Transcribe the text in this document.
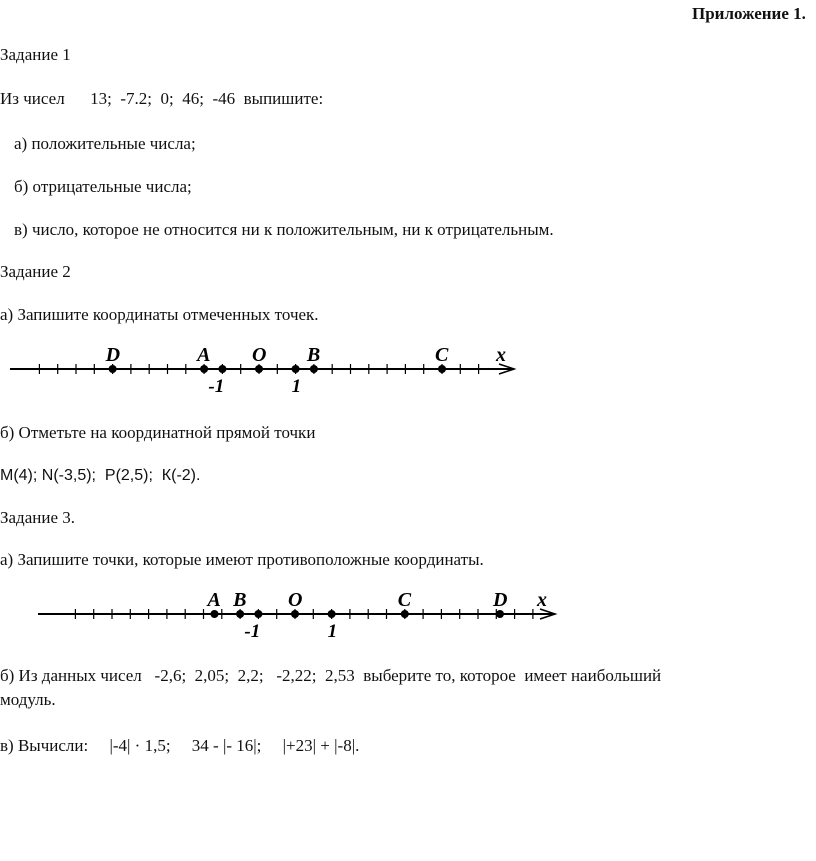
Приложение 1.
Задание 1
Из чисел      13;  -7.2;  0;  46;  -46  выпишите:
а) положительные числа;
б) отрицательные числа;
в) число, которое не относится ни к положительным, ни к отрицательным.
Задание 2
а) Запишите координаты отмеченных точек.
O
-1	1
D	A	B	C x
б) Отметьте на координатной прямой точки
М(4); N(-3,5);  Р(2,5);  К(-2).
Задание 3.
а) Запишите точки, которые имеют противоположные координаты.
O
-1	1
A B	C	D x
б) Из данных чисел   -2,6;  2,05;  2,2;   -2,22;  2,53  выберите то, которое  имеет наибольший
модуль.
в) Вычисли:     |-4| · 1,5;     34 - |- 16|;     |+23| + |-8|.
